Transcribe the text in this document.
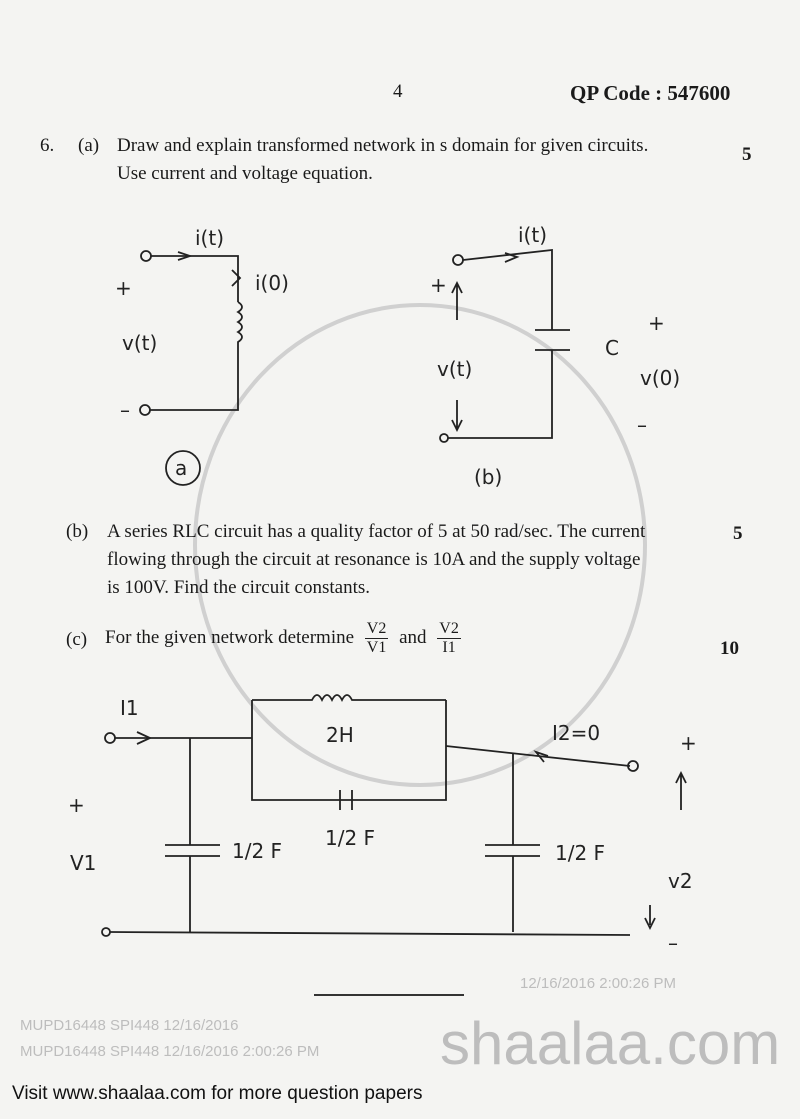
shaalaa.com
MUPD16448 SPI448 12/16/2016
MUPD16448 SPI448 12/16/2016 2:00:26 PM
12/16/2016 2:00:26 PM
4	QP Code : 547600
6. (a) Draw and explain transformed network in s domain for given circuits.
Use current and voltage equation.
5
i(t)
i(0)
+
v(t)
–
a
i(t)
+
v(t)
C
+
v(0)
–
(b)
(b) A series RLC circuit has a quality factor of 5 at 50 rad/sec. The current
flowing through the circuit at resonance is 10A and the supply voltage
is 100V. Find the circuit constants.
5
(c) For the given network determine $\frac{V2}{V1}$ and $\frac{V2}{I1}$	10
I1
2H	I2=0
+
V1	1/2 F
1/2 F
1/2 F
+
v2
–
Visit www.shaalaa.com for more question papers
